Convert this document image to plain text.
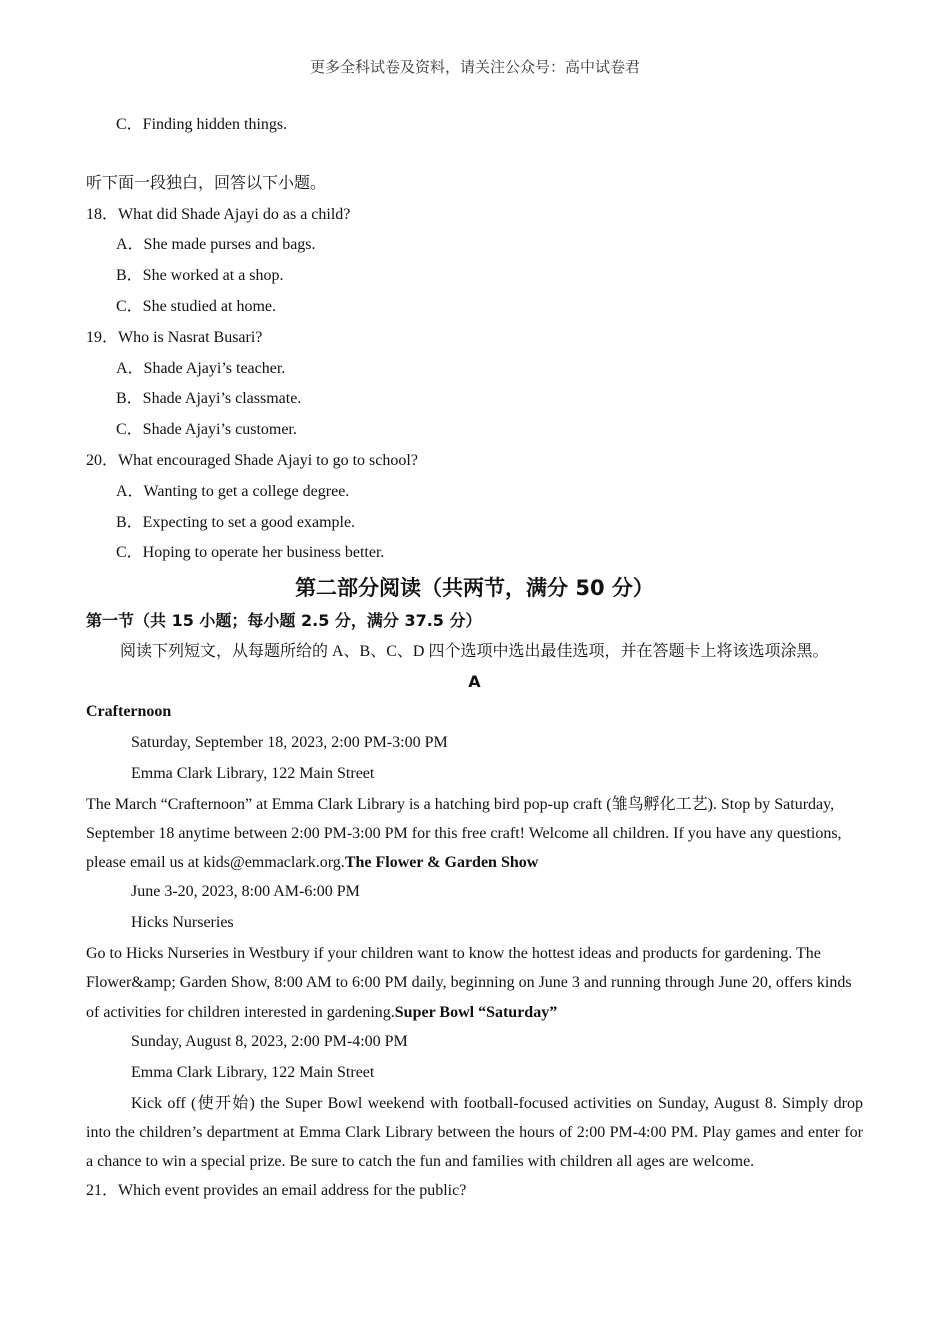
更多全科试卷及资料，请关注公众号：高中试卷君
C．Finding hidden things.
听下面一段独白，回答以下小题。
18．What did Shade Ajayi do as a child?
A．She made purses and bags.
B．She worked at a shop.
C．She studied at home.
19．Who is Nasrat Busari?
A．Shade Ajayi’s teacher.
B．Shade Ajayi’s classmate.
C．Shade Ajayi’s customer.
20．What encouraged Shade Ajayi to go to school?
A．Wanting to get a college degree.
B．Expecting to set a good example.
C．Hoping to operate her business better.
第二部分阅读（共两节，满分 50 分）
第一节（共 15 小题；每小题 2.5 分，满分 37.5 分）
阅读下列短文，从每题所给的 A、B、C、D 四个选项中选出最佳选项，并在答题卡上将该选项涂黑。
A
Crafternoon
Saturday, September 18, 2023, 2:00 PM-3:00 PM
Emma Clark Library, 122 Main Street
The March “Crafternoon” at Emma Clark Library is a hatching bird pop-up craft (雏鸟孵化工艺). Stop by Saturday, September 18 anytime between 2:00 PM-3:00 PM for this free craft! Welcome all children. If you have any questions, please email us at kids@emmaclark.org.The Flower & Garden Show
June 3-20, 2023, 8:00 AM-6:00 PM
Hicks Nurseries
Go to Hicks Nurseries in Westbury if your children want to know the hottest ideas and products for gardening. The Flower&amp; Garden Show, 8:00 AM to 6:00 PM daily, beginning on June 3 and running through June 20, offers kinds of activities for children interested in gardening.Super Bowl “Saturday”
Sunday, August 8, 2023, 2:00 PM-4:00 PM
Emma Clark Library, 122 Main Street
Kick off (使开始) the Super Bowl weekend with football-focused activities on Sunday, August 8. Simply drop into the children’s department at Emma Clark Library between the hours of 2:00 PM-4:00 PM. Play games and enter for a chance to win a special prize. Be sure to catch the fun and families with children all ages are welcome.
21．Which event provides an email address for the public?
